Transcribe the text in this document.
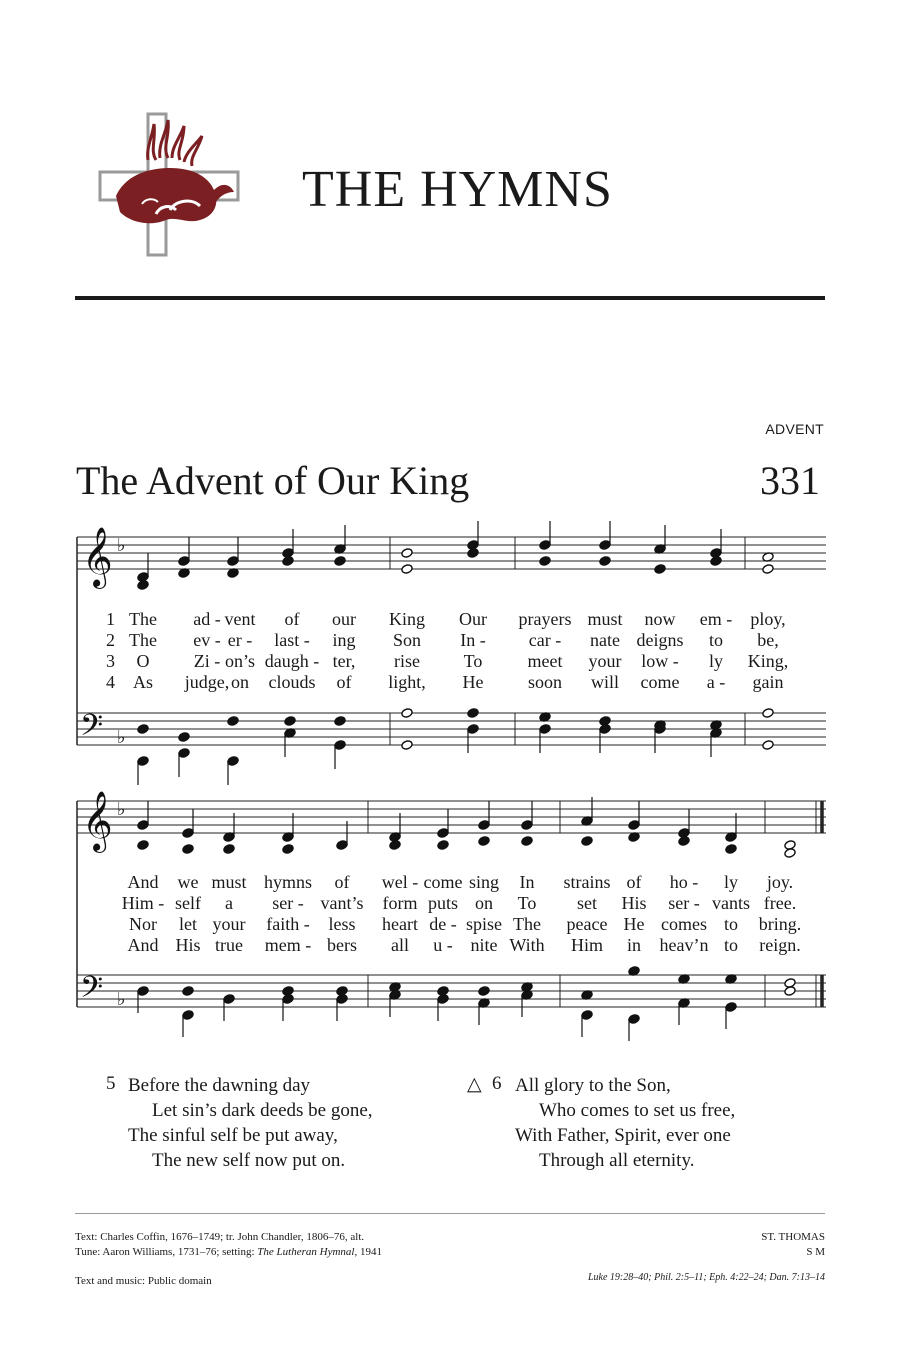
THE HYMNS
ADVENT
The Advent of Our King	331
𝄞
𝄢
♭
♭
𝄞
𝄢
♭
♭
1 The ad - vent of our King Our prayers must now em - ploy,
2 The ev - er - last - ing Son In - car - nate deigns to be,
3 O Zi - on’s daugh - ter, rise To	meet your low - ly King,
4 As judge, on clouds of light, He soon will come a - gain
And we must hymns of wel - come sing In strains of ho - ly joy.
Him - self a ser - vant’s form puts on To set His ser - vants free.
Nor let your faith - less heart de - spise The peace He comes to bring.
And His true mem - bers all u - nite With Him in heav’n to reign.
5 Before the dawning day
Let sin’s dark deeds be gone,
The sinful self be put away,
The new self now put on.
△ 6 All glory to the Son,
Who comes to set us free,
With Father, Spirit, ever one
Through all eternity.
Text: Charles Coffin, 1676–1749; tr. John Chandler, 1806–76, alt.
Tune: Aaron Williams, 1731–76; setting: The Lutheran Hymnal, 1941
Text and music: Public domain
ST. THOMAS
S M
Luke 19:28–40; Phil. 2:5–11; Eph. 4:22–24; Dan. 7:13–14
